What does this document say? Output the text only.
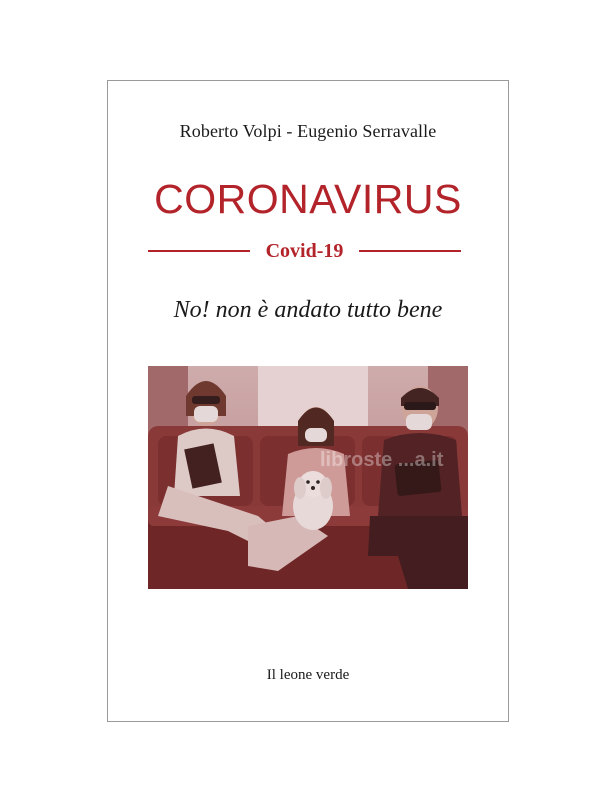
Roberto Volpi - Eugenio Serravalle
CORONAVIRUS
Covid-19
No! non è andato tutto bene
libroste ...a.it
Il leone verde
